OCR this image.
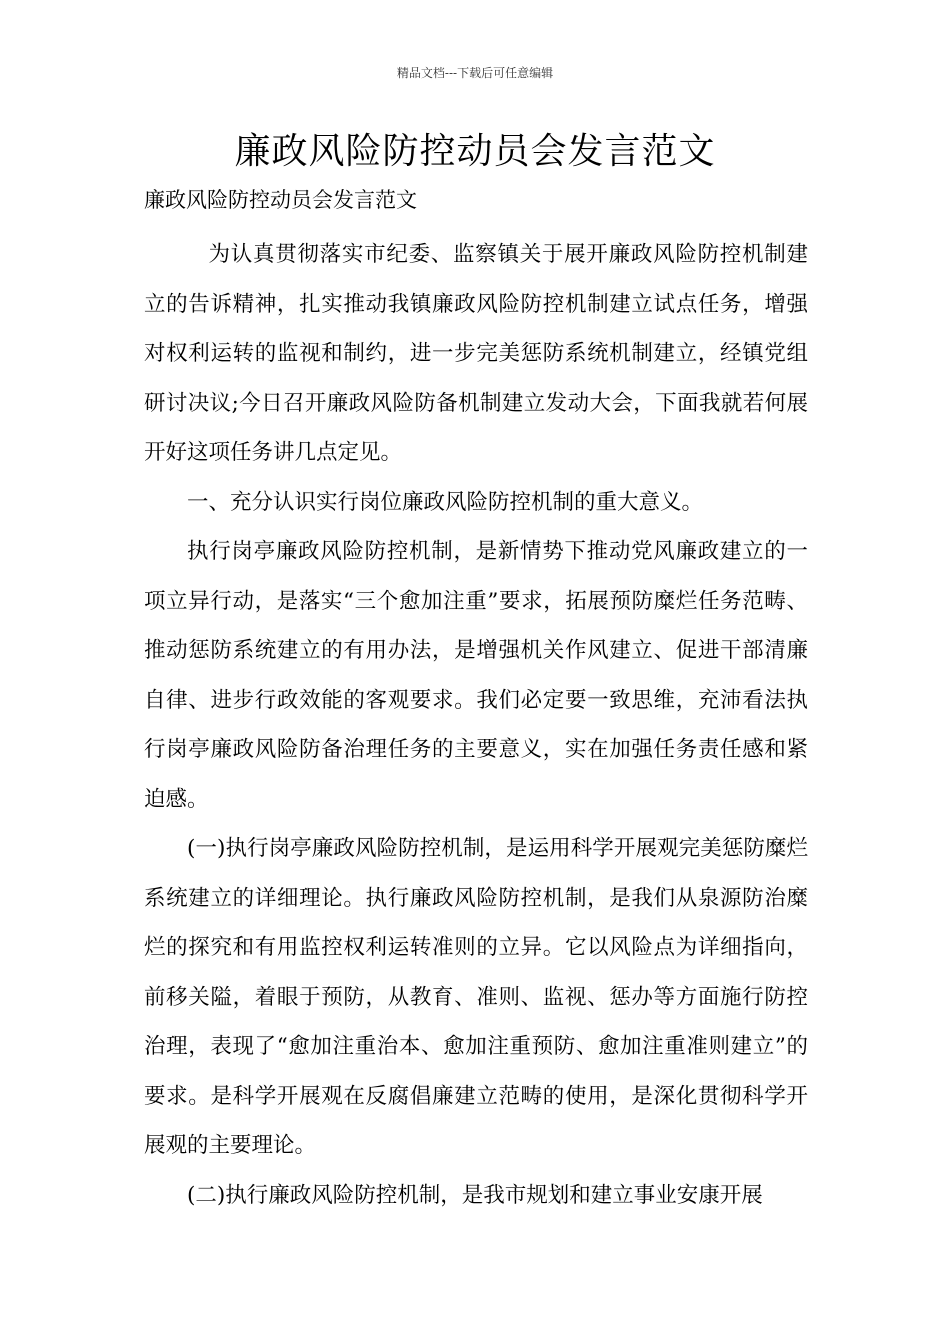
精品文档---下载后可任意编辑
廉政风险防控动员会发言范文
廉政风险防控动员会发言范文

为认真贯彻落实市纪委、监察镇关于展开廉政风险防控机制建立的告诉精神，扎实推动我镇廉政风险防控机制建立试点任务，增强对权利运转的监视和制约，进一步完美惩防系统机制建立，经镇党组研讨决议;今日召开廉政风险防备机制建立发动大会，下面我就若何展开好这项任务讲几点定见。

一、充分认识实行岗位廉政风险防控机制的重大意义。

执行岗亭廉政风险防控机制，是新情势下推动党风廉政建立的一项立异行动，是落实“三个愈加注重”要求，拓展预防糜烂任务范畴、推动惩防系统建立的有用办法，是增强机关作风建立、促进干部清廉自律、进步行政效能的客观要求。我们必定要一致思维，充沛看法执行岗亭廉政风险防备治理任务的主要意义，实在加强任务责任感和紧迫感。

(一)执行岗亭廉政风险防控机制，是运用科学开展观完美惩防糜烂系统建立的详细理论。执行廉政风险防控机制，是我们从泉源防治糜烂的探究和有用监控权利运转准则的立异。它以风险点为详细指向，前移关隘，着眼于预防，从教育、准则、监视、惩办等方面施行防控治理，表现了“愈加注重治本、愈加注重预防、愈加注重准则建立”的要求。是科学开展观在反腐倡廉建立范畴的使用，是深化贯彻科学开展观的主要理论。

(二)执行廉政风险防控机制，是我市规划和建立事业安康开展
